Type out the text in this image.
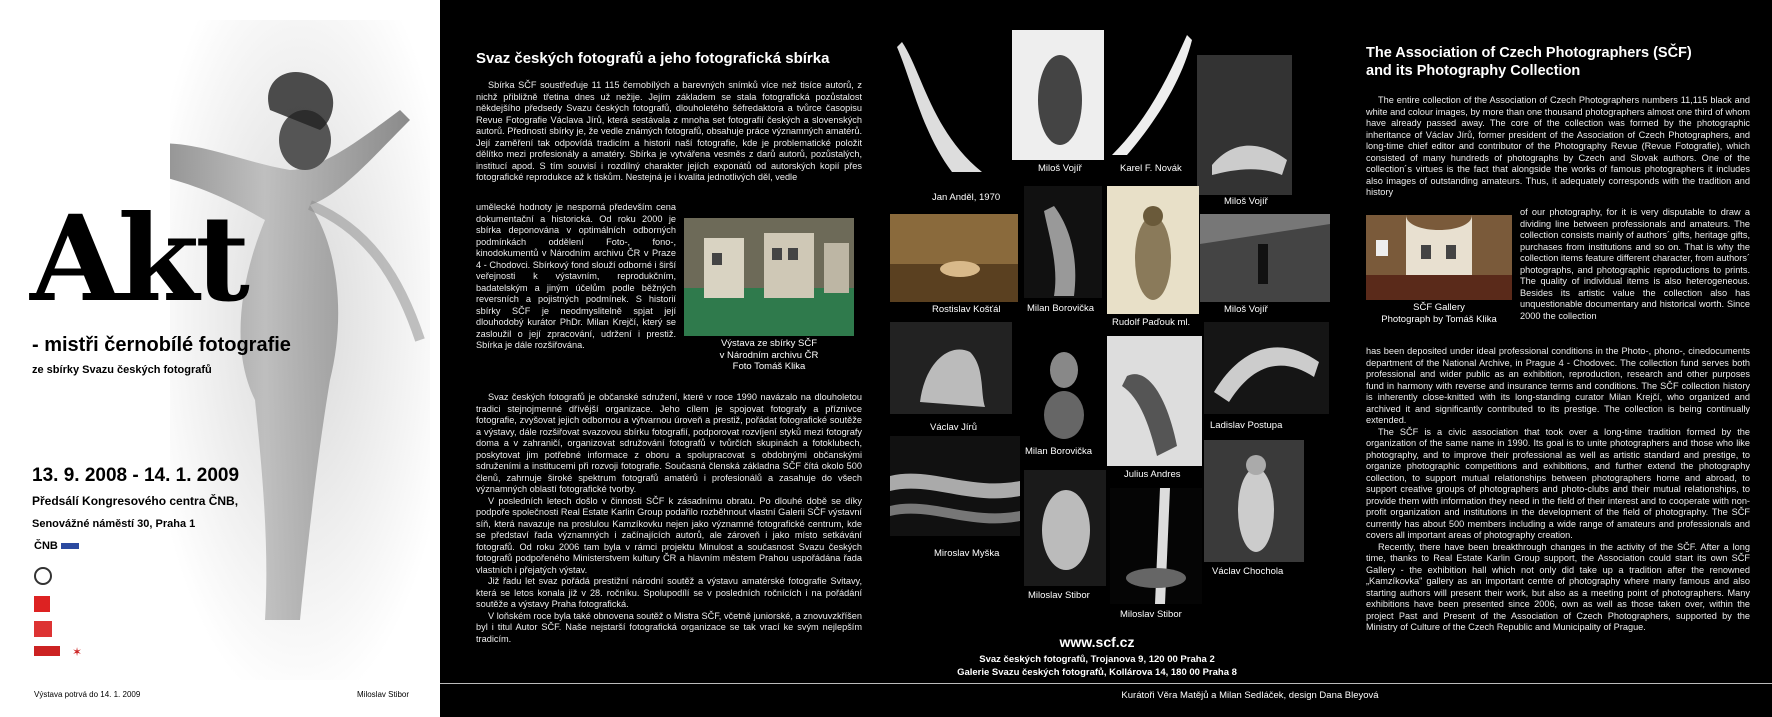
Akt
- mistři černobílé fotografie
ze sbírky Svazu českých fotografů
13. 9. 2008 - 14. 1. 2009
Předsálí Kongresového centra ČNB,
Senovážné náměstí 30, Praha 1
ČNB
✶
Výstava potrvá do 14. 1. 2009	Miloslav Stibor
Svaz českých fotografů a jeho fotografická sbírka

Sbírka SČF soustřeďuje 11 115 černobílých a barevných snímků více než tisíce autorů, z nichž přibližně třetina dnes už nežije. Jejím základem se stala fotografická pozůstalost někdejšího předsedy Svazu českých fotografů, dlouholetého šéfredaktora a tvůrce časopisu Revue Fotografie Václava Jírů, která sestávala z mnoha set fotografií českých a slovenských autorů. Předností sbírky je, že vedle známých fotografů, obsahuje práce významných amatérů. Její zaměření tak odpovídá tradicím a historii naší fotografie, kde je problematické položit dělítko mezi profesionály a amatéry. Sbírka je vytvářena vesměs z darů autorů, pozůstalých, institucí apod. S tím souvisí i rozdílný charakter jejích exponátů od autorských kopií přes fotografické reprodukce až k tiskům. Nestejná je i kvalita jednotlivých děl, vedle

umělecké hodnoty je nesporná především cena dokumentační a historická. Od roku 2000 je sbírka deponována v optimálních odborných podmínkách oddělení Foto-, fono-, kinodokumentů v Národním archivu ČR v Praze 4 - Chodovci. Sbírkový fond slouží odborné i širší veřejnosti k výstavním, reprodukčním, badatelským a jiným účelům podle běžných reversních a pojistných podmínek. S historií sbírky SČF je neodmyslitelně spjat její dlouhodobý kurátor PhDr. Milan Krejčí, který se zasloužil o její zpracování, udržení i prestiž. Sbírka je dále rozšiřována.	Výstava ze sbírky SČF
v Národním archivu ČR
Foto Tomáš Klika

Svaz českých fotografů je občanské sdružení, které v roce 1990 navázalo na dlouholetou tradici stejnojmenné dřívější organizace. Jeho cílem je spojovat fotografy a příznivce fotografie, zvyšovat jejich odbornou a výtvarnou úroveň a prestiž, pořádat fotografické soutěže a výstavy, dále rozšiřovat svazovou sbírku fotografií, podporovat rozvíjení styků mezi fotografy doma a v zahraničí, organizovat sdružování fotografů v tvůrčích skupinách a fotoklubech, poskytovat jim potřebné informace z oboru a spolupracovat s obdobnými občanskými sdruženími a institucemi při rozvoji fotografie. Současná členská základna SČF čítá okolo 500 členů, zahrnuje široké spektrum fotografů amatérů i profesionálů a zasahuje do všech významných oblastí fotografické tvorby.

V posledních letech došlo v činnosti SČF k zásadnímu obratu. Po dlouhé době se díky podpoře společnosti Real Estate Karlin Group podařilo rozběhnout vlastní Galerii SČF výstavní síň, která navazuje na proslulou Kamzíkovku nejen jako významné fotografické centrum, kde se představí řada významných i začínajících autorů, ale zároveň i jako místo setkávání fotografů. Od roku 2006 tam byla v rámci projektu Minulost a současnost Svazu českých fotografů podpořeného Ministerstvem kultury ČR a hlavním městem Prahou uspořádána řada vlastních i přejatých výstav.

Již řadu let svaz pořádá prestižní národní soutěž a výstavu amatérské fotografie Svitavy, která se letos konala již v 28. ročníku. Spolupodílí se v posledních ročnících i na pořádání soutěže a výstavy Praha fotografická.

V loňském roce byla také obnovena soutěž o Mistra SČF, včetně juniorské, a znovuvzkříšen byl i titul Autor SČF. Naše nejstarší fotografická organizace se tak vrací ke svým nejlepším tradicím.

Jan Anděl, 1970
Miloš Vojíř	Karel F. Novák
Miloš Vojíř
Rostislav Košťál	Milan Borovička
Rudolf Paďouk ml.
Miloš Vojíř
Václav Jírů
Milan Borovička
Julius Andres
Ladislav Postupa
Miroslav Myška
Miloslav Stibor
Miloslav Stibor
Václav Chochola
www.scf.cz
Svaz českých fotografů, Trojanova 9, 120 00 Praha 2
Galerie Svazu českých fotografů, Kollárova 14, 180 00 Praha 8
The Association of Czech Photographers (SČF)
and its Photography Collection

The entire collection of the Association of Czech Photographers numbers 11,115 black and white and colour images, by more than one thousand photographers almost one third of whom have already passed away. The core of the collection was formed by the photographic inheritance of Václav Jírů, former president of the Association of Czech Photographers, and long-time chief editor and contributor of the Photography Revue (Revue Fotografie), which consisted of many hundreds of photographs by Czech and Slovak authors. One of the collection´s virtues is the fact that alongside the works of famous photographers it includes also images of outstanding amateurs. Thus, it adequately corresponds with the tradition and history

SČF Gallery
Photograph by Tomáš Klika

of our photography, for it is very disputable to draw a dividing line between professionals and amateurs. The collection consists mainly of authors´ gifts, heritage gifts, purchases from institutions and so on. That is why the collection items feature different character, from authors´ photographs, and photographic reproductions to prints. The quality of individual items is also heterogeneous. Besides its artistic value the collection also has unquestionable documentary and historical worth. Since 2000 the collection

has been deposited under ideal professional conditions in the Photo-, phono-, cinedocuments department of the National Archive, in Prague 4 - Chodovec. The collection fund serves both professional and wider public as an exhibition, reproduction, research and other purposes fund in harmony with reverse and insurance terms and conditions. The SČF collection history is inherently close-knitted with its long-standing curator Milan Krejčí, who organized and archived it and significantly contributed to its prestige. The collection is being continually extended.

The SČF is a civic association that took over a long-time tradition formed by the organization of the same name in 1990. Its goal is to unite photographers and those who like photography, and to improve their professional as well as artistic standard and prestige, to organize photographic competitions and exhibitions, and further extend the photography collection, to support mutual relationships between photographers home and abroad, to support creative groups of photographers and photo-clubs and their mutual relationships, to provide them with information they need in the field of their interest and to cooperate with non-profit organization and institutions in the development of the field of photography. The SČF currently has about 500 members including a wide range of amateurs and professionals and covers all important areas of photography creation.

Recently, there have been breakthrough changes in the activity of the SČF. After a long time, thanks to Real Estate Karlin Group support, the Association could start its own SČF Gallery - the exhibition hall which not only did take up a tradition after the renowned „Kamzíkovka" gallery as an important centre of photography where many famous and also starting authors will present their work, but also as a meeting point of photographers. Many exhibitions have been presented since 2006, own as well as those taken over, within the project Past and Present of the Association of Czech Photographers, supported by the Ministry of Culture of the Czech Republic and Municipality of Prague.

Kurátoři Věra Matějů a Milan Sedláček, design Dana Bleyová
